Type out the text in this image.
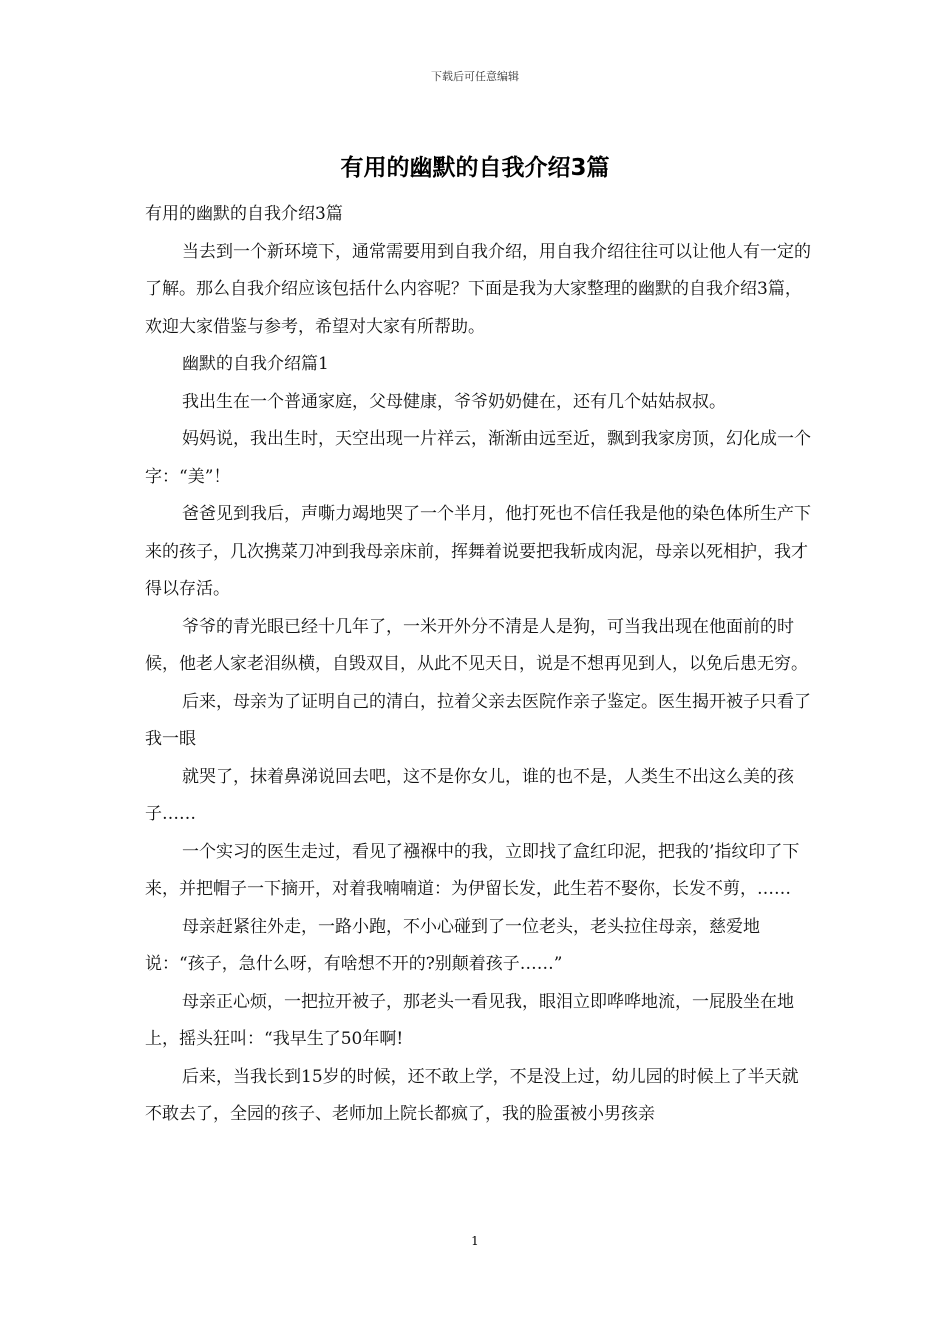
下载后可任意编辑
有用的幽默的自我介绍3篇

有用的幽默的自我介绍3篇

当去到一个新环境下，通常需要用到自我介绍，用自我介绍往往可以让他人有一定的了解。那么自我介绍应该包括什么内容呢？下面是我为大家整理的幽默的自我介绍3篇，欢迎大家借鉴与参考，希望对大家有所帮助。

幽默的自我介绍篇1

我出生在一个普通家庭，父母健康，爷爷奶奶健在，还有几个姑姑叔叔。

妈妈说，我出生时，天空出现一片祥云，渐渐由远至近，飘到我家房顶，幻化成一个字：“美”！

爸爸见到我后，声嘶力竭地哭了一个半月，他打死也不信任我是他的染色体所生产下来的孩子，几次携菜刀冲到我母亲床前，挥舞着说要把我斩成肉泥，母亲以死相护，我才得以存活。

爷爷的青光眼已经十几年了，一米开外分不清是人是狗，可当我出现在他面前的时候，他老人家老泪纵横，自毁双目，从此不见天日，说是不想再见到人，以免后患无穷。

后来，母亲为了证明自己的清白，拉着父亲去医院作亲子鉴定。医生揭开被子只看了我一眼

就哭了，抹着鼻涕说回去吧，这不是你女儿，谁的也不是，人类生不出这么美的孩子……

一个实习的医生走过，看见了襁褓中的我，立即找了盒红印泥，把我的’指纹印了下来，并把帽子一下摘开，对着我喃喃道：为伊留长发，此生若不娶你，长发不剪，……

母亲赶紧往外走，一路小跑，不小心碰到了一位老头，老头拉住母亲，慈爱地说：“孩子，急什么呀，有啥想不开的?别颠着孩子……”

母亲正心烦，一把拉开被子，那老头一看见我，眼泪立即哗哗地流，一屁股坐在地上，摇头狂叫：“我早生了50年啊!

后来，当我长到15岁的时候，还不敢上学，不是没上过，幼儿园的时候上了半天就不敢去了，全园的孩子、老师加上院长都疯了，我的脸蛋被小男孩亲

1
